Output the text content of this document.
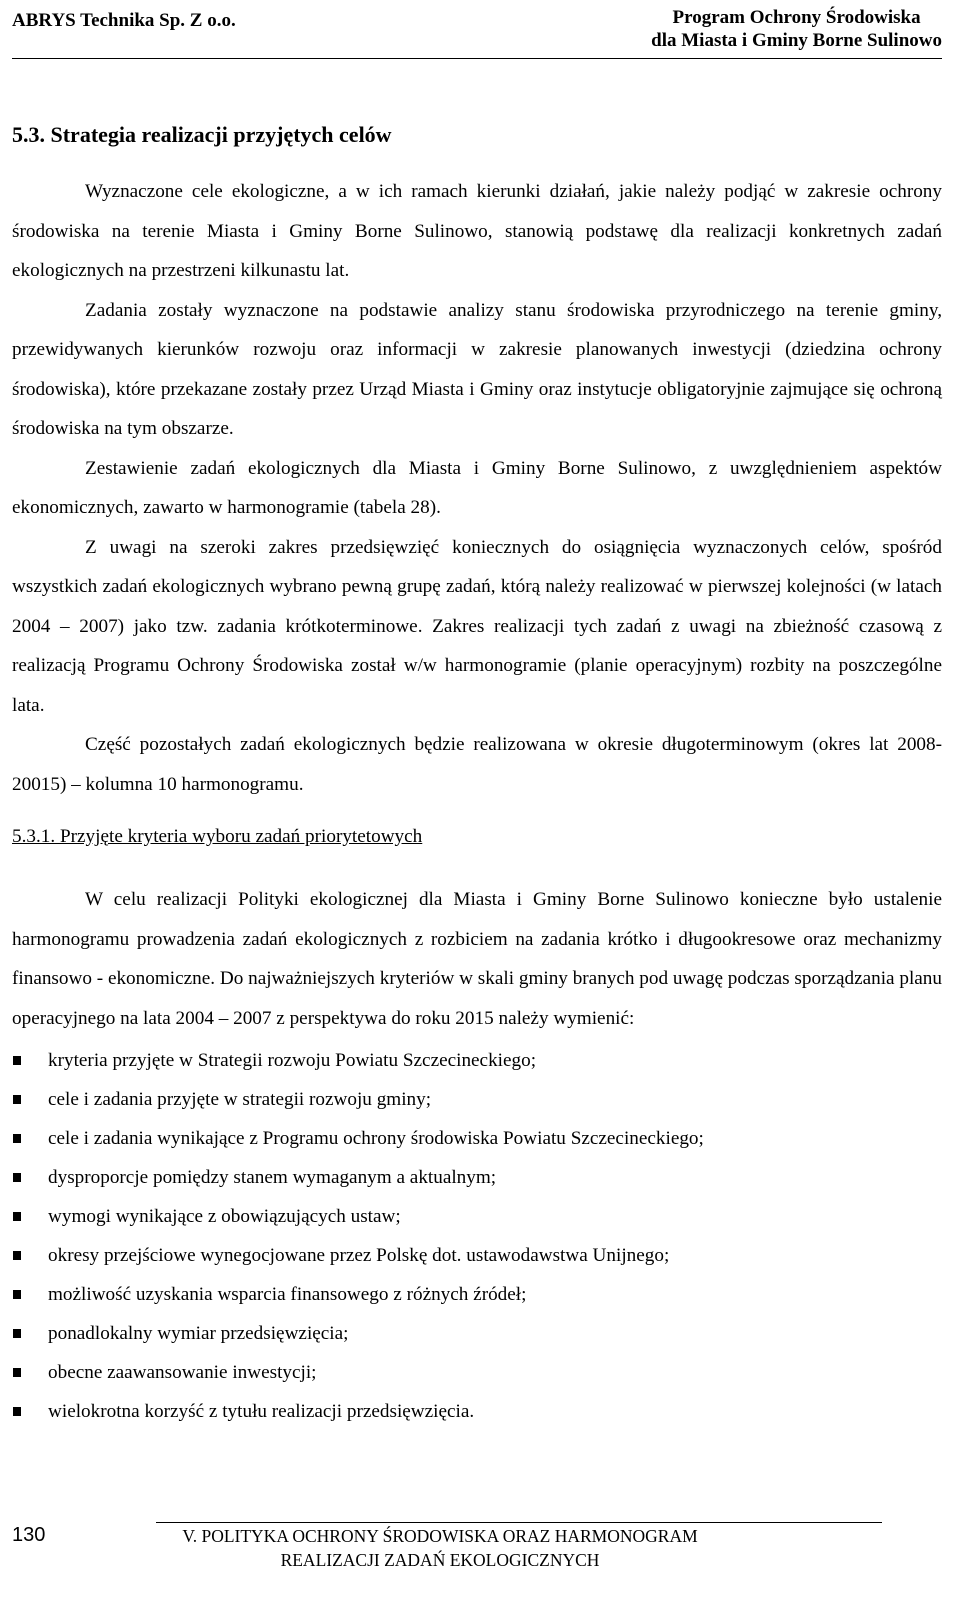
ABRYS Technika Sp. Z o.o.	Program Ochrony Środowiska
dla Miasta i Gminy Borne Sulinowo
5.3. Strategia realizacji przyjętych celów

Wyznaczone cele ekologiczne, a w ich ramach kierunki działań, jakie należy podjąć w zakresie ochrony środowiska na terenie Miasta i Gminy Borne Sulinowo, stanowią podstawę dla realizacji konkretnych zadań ekologicznych na przestrzeni kilkunastu lat.

Zadania zostały wyznaczone na podstawie analizy stanu środowiska przyrodniczego na terenie gminy, przewidywanych kierunków rozwoju oraz informacji w zakresie planowanych inwestycji (dziedzina ochrony środowiska), które przekazane zostały przez Urząd Miasta i Gminy oraz instytucje obligatoryjnie zajmujące się ochroną środowiska na tym obszarze.

Zestawienie zadań ekologicznych dla Miasta i Gminy Borne Sulinowo, z uwzględnieniem aspektów ekonomicznych, zawarto w harmonogramie (tabela 28).

Z uwagi na szeroki zakres przedsięwzięć koniecznych do osiągnięcia wyznaczonych celów, spośród wszystkich zadań ekologicznych wybrano pewną grupę zadań, którą należy realizować w pierwszej kolejności (w latach 2004 – 2007) jako tzw. zadania krótkoterminowe. Zakres realizacji tych zadań z uwagi na zbieżność czasową z realizacją Programu Ochrony Środowiska został w/w harmonogramie (planie operacyjnym) rozbity na poszczególne lata.

Część pozostałych zadań ekologicznych będzie realizowana w okresie długoterminowym (okres lat 2008-20015) – kolumna 10 harmonogramu.

5.3.1. Przyjęte kryteria wyboru zadań priorytetowych

W celu realizacji Polityki ekologicznej dla Miasta i Gminy Borne Sulinowo konieczne było ustalenie harmonogramu prowadzenia zadań ekologicznych z rozbiciem na zadania krótko i długookresowe oraz mechanizmy finansowo - ekonomiczne. Do najważniejszych kryteriów w skali gminy branych pod uwagę podczas sporządzania planu operacyjnego na lata 2004 – 2007 z perspektywa do roku 2015 należy wymienić:

kryteria przyjęte w Strategii rozwoju Powiatu Szczecineckiego;
cele i zadania przyjęte w strategii rozwoju gminy;
cele i zadania wynikające z Programu ochrony środowiska Powiatu Szczecineckiego;
dysproporcje pomiędzy stanem wymaganym a aktualnym;
wymogi wynikające z obowiązujących ustaw;
okresy przejściowe wynegocjowane przez Polskę dot. ustawodawstwa Unijnego;
możliwość uzyskania wsparcia finansowego z różnych źródeł;
ponadlokalny wymiar przedsięwzięcia;
obecne zaawansowanie inwestycji;
wielokrotna korzyść z tytułu realizacji przedsięwzięcia.
130	V. POLITYKA OCHRONY ŚRODOWISKA ORAZ HARMONOGRAM
REALIZACJI ZADAŃ EKOLOGICZNYCH
